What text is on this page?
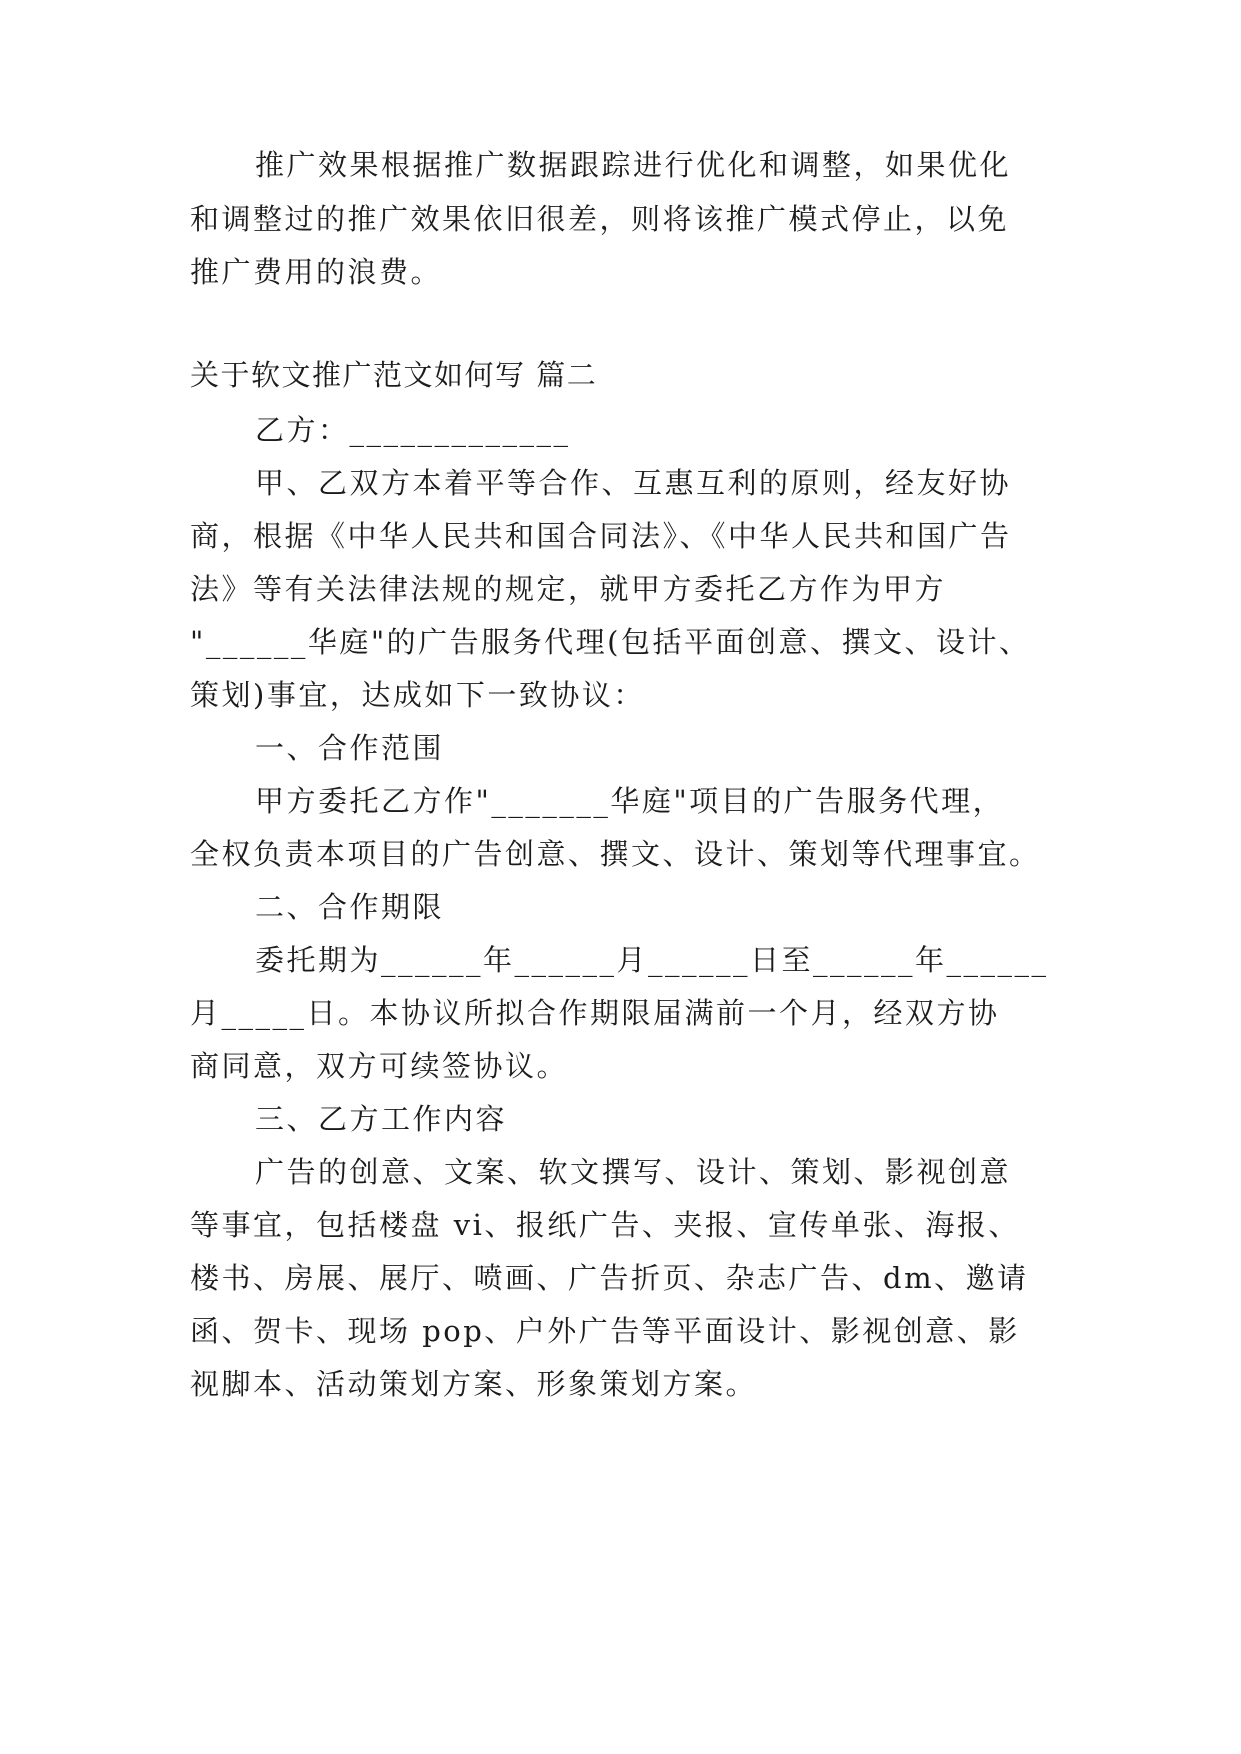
推广效果根据推广数据跟踪进行优化和调整，如果优化
和调整过的推广效果依旧很差，则将该推广模式停止，以免
推广费用的浪费。
关于软文推广范文如何写 篇二
乙方：_____________
甲、乙双方本着平等合作、互惠互利的原则，经友好协
商，根据《中华人民共和国合同法》、《中华人民共和国广告
法》等有关法律法规的规定，就甲方委托乙方作为甲方
"______华庭"的广告服务代理(包括平面创意、撰文、设计、
策划)事宜，达成如下一致协议：
一、合作范围
甲方委托乙方作"_______华庭"项目的广告服务代理，
全权负责本项目的广告创意、撰文、设计、策划等代理事宜。
二、合作期限
委托期为______年______月______日至______年______
月_____日。本协议所拟合作期限届满前一个月，经双方协
商同意，双方可续签协议。
三、乙方工作内容
广告的创意、文案、软文撰写、设计、策划、影视创意
等事宜，包括楼盘 vi、报纸广告、夹报、宣传单张、海报、
楼书、房展、展厅、喷画、广告折页、杂志广告、dm、邀请
函、贺卡、现场 pop、户外广告等平面设计、影视创意、影
视脚本、活动策划方案、形象策划方案。
